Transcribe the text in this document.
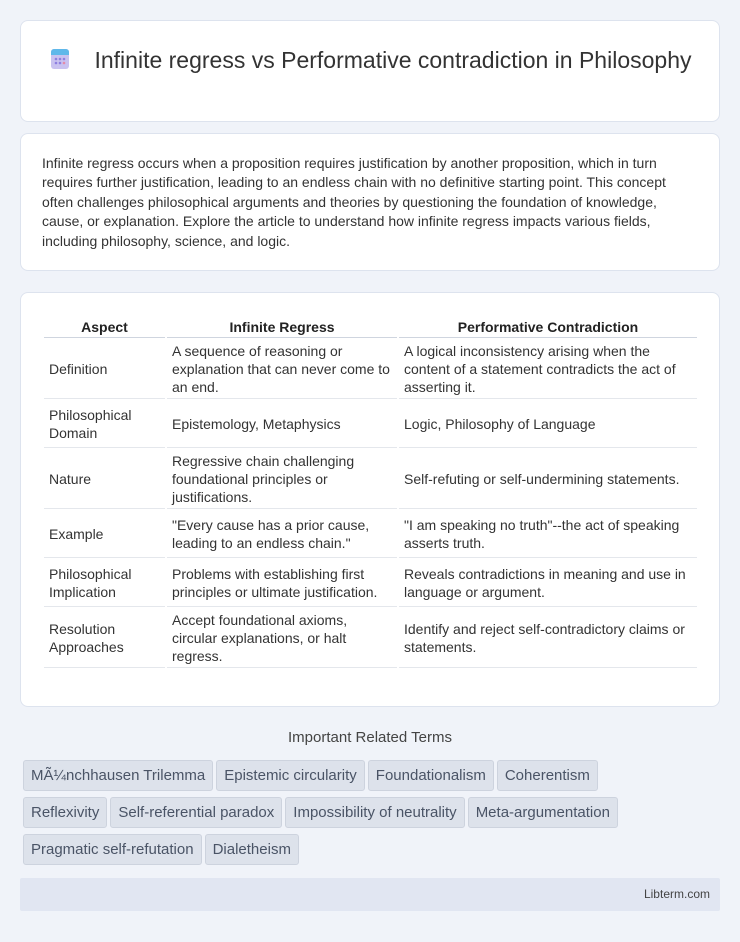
Infinite regress vs Performative contradiction in Philosophy

Infinite regress occurs when a proposition requires justification by another proposition, which in turn requires further justification, leading to an endless chain with no definitive starting point. This concept often challenges philosophical arguments and theories by questioning the foundation of knowledge, cause, or explanation. Explore the article to understand how infinite regress impacts various fields, including philosophy, science, and logic.

Aspect	Infinite Regress	Performative Contradiction
Definition	A sequence of reasoning or explanation that can never come to an end.	A logical inconsistency arising when the content of a statement contradicts the act of asserting it.
Philosophical Domain	Epistemology, Metaphysics	Logic, Philosophy of Language
Nature	Regressive chain challenging foundational principles or justifications.	Self-refuting or self-undermining statements.
Example	"Every cause has a prior cause, leading to an endless chain."	"I am speaking no truth"--the act of speaking asserts truth.
Philosophical Implication	Problems with establishing first principles or ultimate justification.	Reveals contradictions in meaning and use in language or argument.
Resolution Approaches	Accept foundational axioms, circular explanations, or halt regress.	Identify and reject self-contradictory claims or statements.
Important Related Terms
MÃ¼nchhausen Trilemma Epistemic circularity Foundationalism Coherentism
Reflexivity Self-referential paradox Impossibility of neutrality Meta-argumentation
Pragmatic self-refutation Dialetheism
Libterm.com
